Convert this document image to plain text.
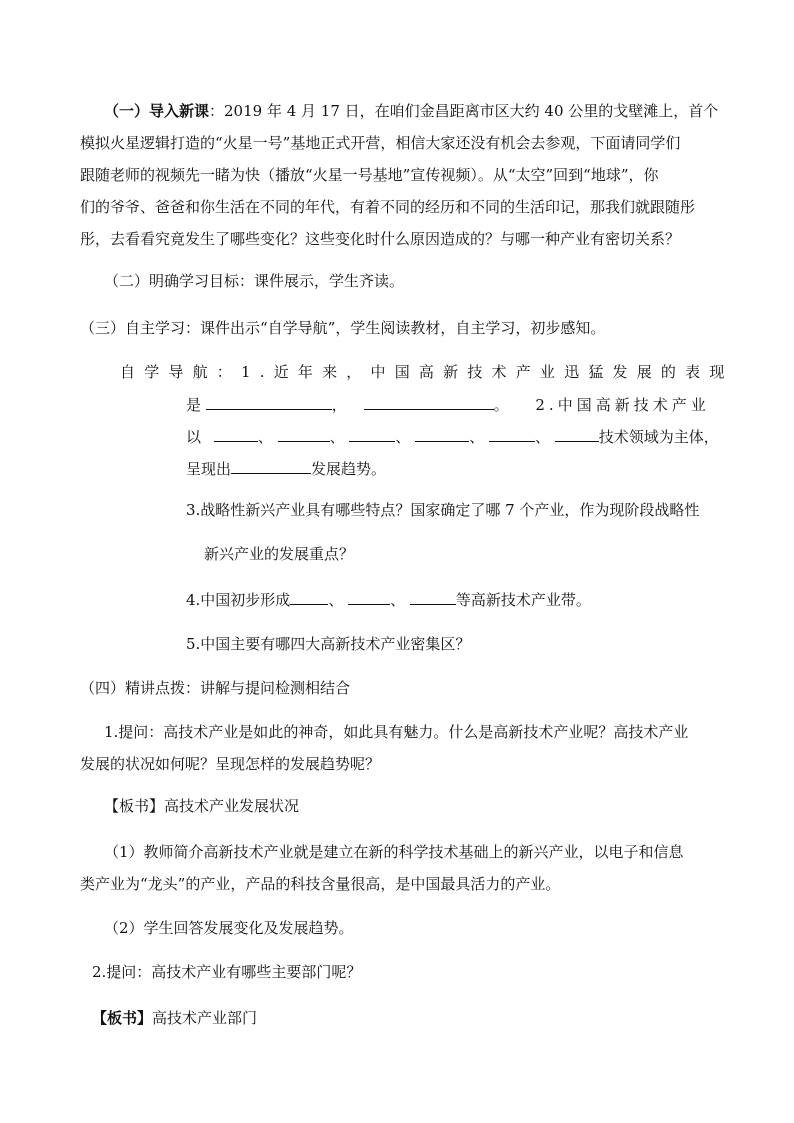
（一）导入新课：2019 年 4 月 17 日，在咱们金昌距离市区大约 40 公里的戈壁滩上，首个
模拟火星逻辑打造的“火星一号”基地正式开营，相信大家还没有机会去参观，下面请同学们
跟随老师的视频先一睹为快（播放“火星一号基地”宣传视频）。从“太空”回到“地球”，你
们的爷爷、爸爸和你生活在不同的年代，有着不同的经历和不同的生活印记，那我们就跟随彤
彤，去看看究竟发生了哪些变化？这些变化时什么原因造成的？与哪一种产业有密切关系？
（二）明确学习目标：课件展示，学生齐读。
（三）自主学习：课件出示“自学导航”，学生阅读教材，自主学习，初步感知。
自学导航：1.近年来，中国高新技术产业迅猛发展的表现
是	，	。 2.中国高新技术产业
以	、	、	、	、	、	技术领域为主体，
呈现出	发展趋势。
3.战略性新兴产业具有哪些特点？国家确定了哪 7 个产业，作为现阶段战略性
新兴产业的发展重点？
4.中国初步形成	、	、	等高新技术产业带。
5.中国主要有哪四大高新技术产业密集区？
（四）精讲点拨：讲解与提问检测相结合
1.提问：高技术产业是如此的神奇，如此具有魅力。什么是高新技术产业呢？高技术产业
发展的状况如何呢？呈现怎样的发展趋势呢？
【板书】高技术产业发展状况
（1）教师简介高新技术产业就是建立在新的科学技术基础上的新兴产业，以电子和信息
类产业为“龙头”的产业，产品的科技含量很高，是中国最具活力的产业。
（2）学生回答发展变化及发展趋势。
2.提问：高技术产业有哪些主要部门呢？
【板书】高技术产业部门
